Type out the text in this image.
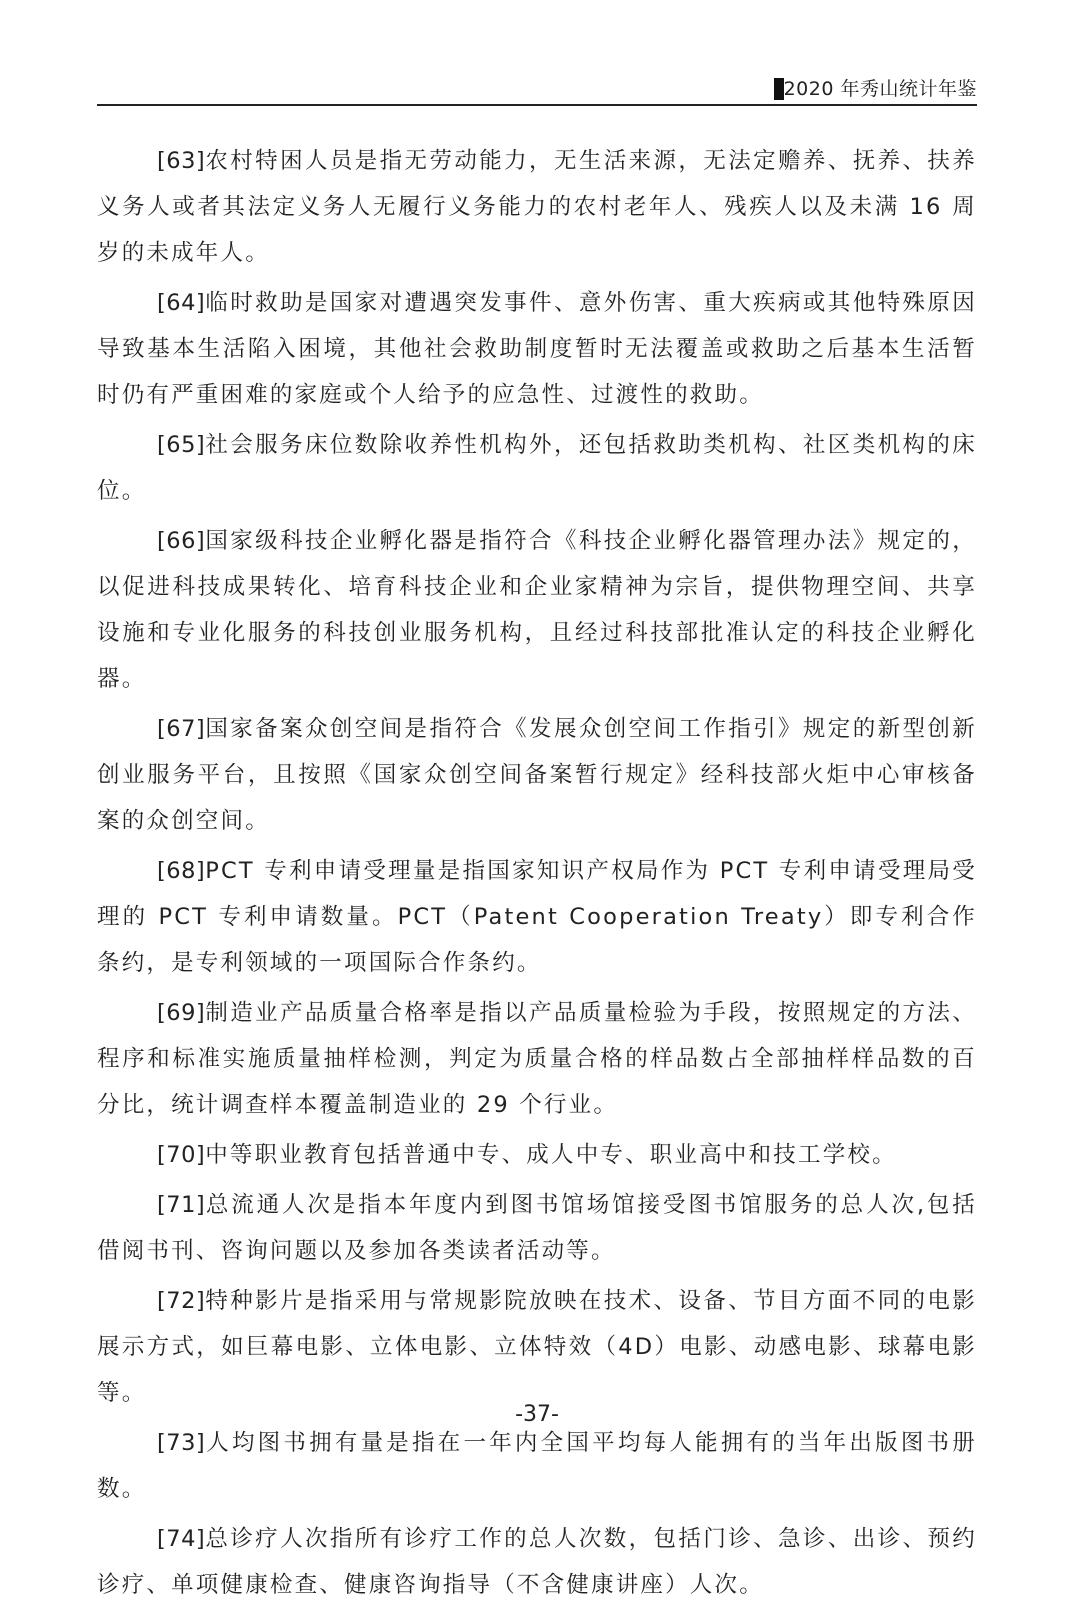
2020 年秀山统计年鉴

[63]农村特困人员是指无劳动能力，无生活来源，无法定赡养、抚养、扶养义务人或者其法定义务人无履行义务能力的农村老年人、残疾人以及未满 16 周岁的未成年人。

[64]临时救助是国家对遭遇突发事件、意外伤害、重大疾病或其他特殊原因导致基本生活陷入困境，其他社会救助制度暂时无法覆盖或救助之后基本生活暂时仍有严重困难的家庭或个人给予的应急性、过渡性的救助。

[65]社会服务床位数除收养性机构外，还包括救助类机构、社区类机构的床位。

[66]国家级科技企业孵化器是指符合《科技企业孵化器管理办法》规定的，以促进科技成果转化、培育科技企业和企业家精神为宗旨，提供物理空间、共享设施和专业化服务的科技创业服务机构，且经过科技部批准认定的科技企业孵化器。

[67]国家备案众创空间是指符合《发展众创空间工作指引》规定的新型创新创业服务平台，且按照《国家众创空间备案暂行规定》经科技部火炬中心审核备案的众创空间。

[68]PCT 专利申请受理量是指国家知识产权局作为 PCT 专利申请受理局受理的 PCT 专利申请数量。PCT（Patent Cooperation Treaty）即专利合作条约，是专利领域的一项国际合作条约。

[69]制造业产品质量合格率是指以产品质量检验为手段，按照规定的方法、程序和标准实施质量抽样检测，判定为质量合格的样品数占全部抽样样品数的百分比，统计调查样本覆盖制造业的 29 个行业。

[70]中等职业教育包括普通中专、成人中专、职业高中和技工学校。

[71]总流通人次是指本年度内到图书馆场馆接受图书馆服务的总人次,包括借阅书刊、咨询问题以及参加各类读者活动等。

[72]特种影片是指采用与常规影院放映在技术、设备、节目方面不同的电影展示方式，如巨幕电影、立体电影、立体特效（4D）电影、动感电影、球幕电影等。

[73]人均图书拥有量是指在一年内全国平均每人能拥有的当年出版图书册数。

[74]总诊疗人次指所有诊疗工作的总人次数，包括门诊、急诊、出诊、预约诊疗、单项健康检查、健康咨询指导（不含健康讲座）人次。

-37-
